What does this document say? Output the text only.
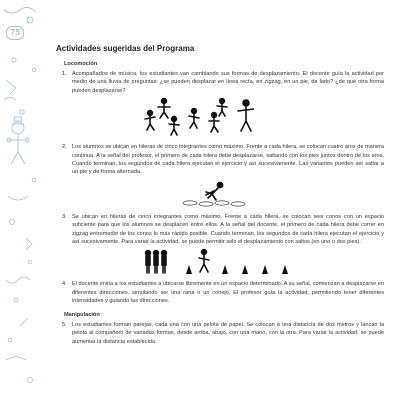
75
Actividades sugeridas del Programa
Locomoción
1. Acompañados de música, los estudiantes van cambiando sus formas de desplazamiento. El docente guía la actividad por medio de una lluvia de preguntas: ¿se pueden desplazar en línea recta, en zigzag, en un pie, de lado? ¿de qué otra forma pueden desplazarse?
2. Los alumnos se ubican en hileras de cinco integrantes como máximo. Frente a cada hilera, se colocan cuatro aros de manera continua. A la señal del profesor, el primero de cada hilera debe desplazarse, saltando con los pies juntos dentro de los aros. Cuando terminan, los segundos de cada hilera ejecutan el ejercicio y así sucesivamente. Las variantes pueden ser saltar a un pie y de forma alternada.
3. Se ubican en hileras de cinco integrantes como máximo. Frente a cada hilera, se colocan seis conos con un espacio suficiente para que los alumnos se desplacen entre ellos. A la señal del docente, el primero de cada hilera debe correr en zigzag entremedio de los conos lo más rápido posible. Cuando terminan, los segundos de cada hilera ejecutan el ejercicio y así sucesivamente. Para variar la actividad, se puede permitir solo el desplazamiento con saltos (en uno o dos pies).
4. El docente invita a los estudiantes a ubicarse libremente en un espacio determinado. A su señal, comienzan a desplazarse en diferentes direcciones, simulando ser una rana o un conejo. El profesor guía la actividad, permitiendo tener diferentes intensidades y guiando las direcciones.
Manipulación
5. Los estudiantes forman parejas, cada una con una pelota de papel. Se colocan a una distancia de dos metros y lanzan la pelota al compañero de variadas formas, desde arriba, abajo, con una mano, con la otra. Para variar la actividad, se puede aumentar la distancia establecida.
